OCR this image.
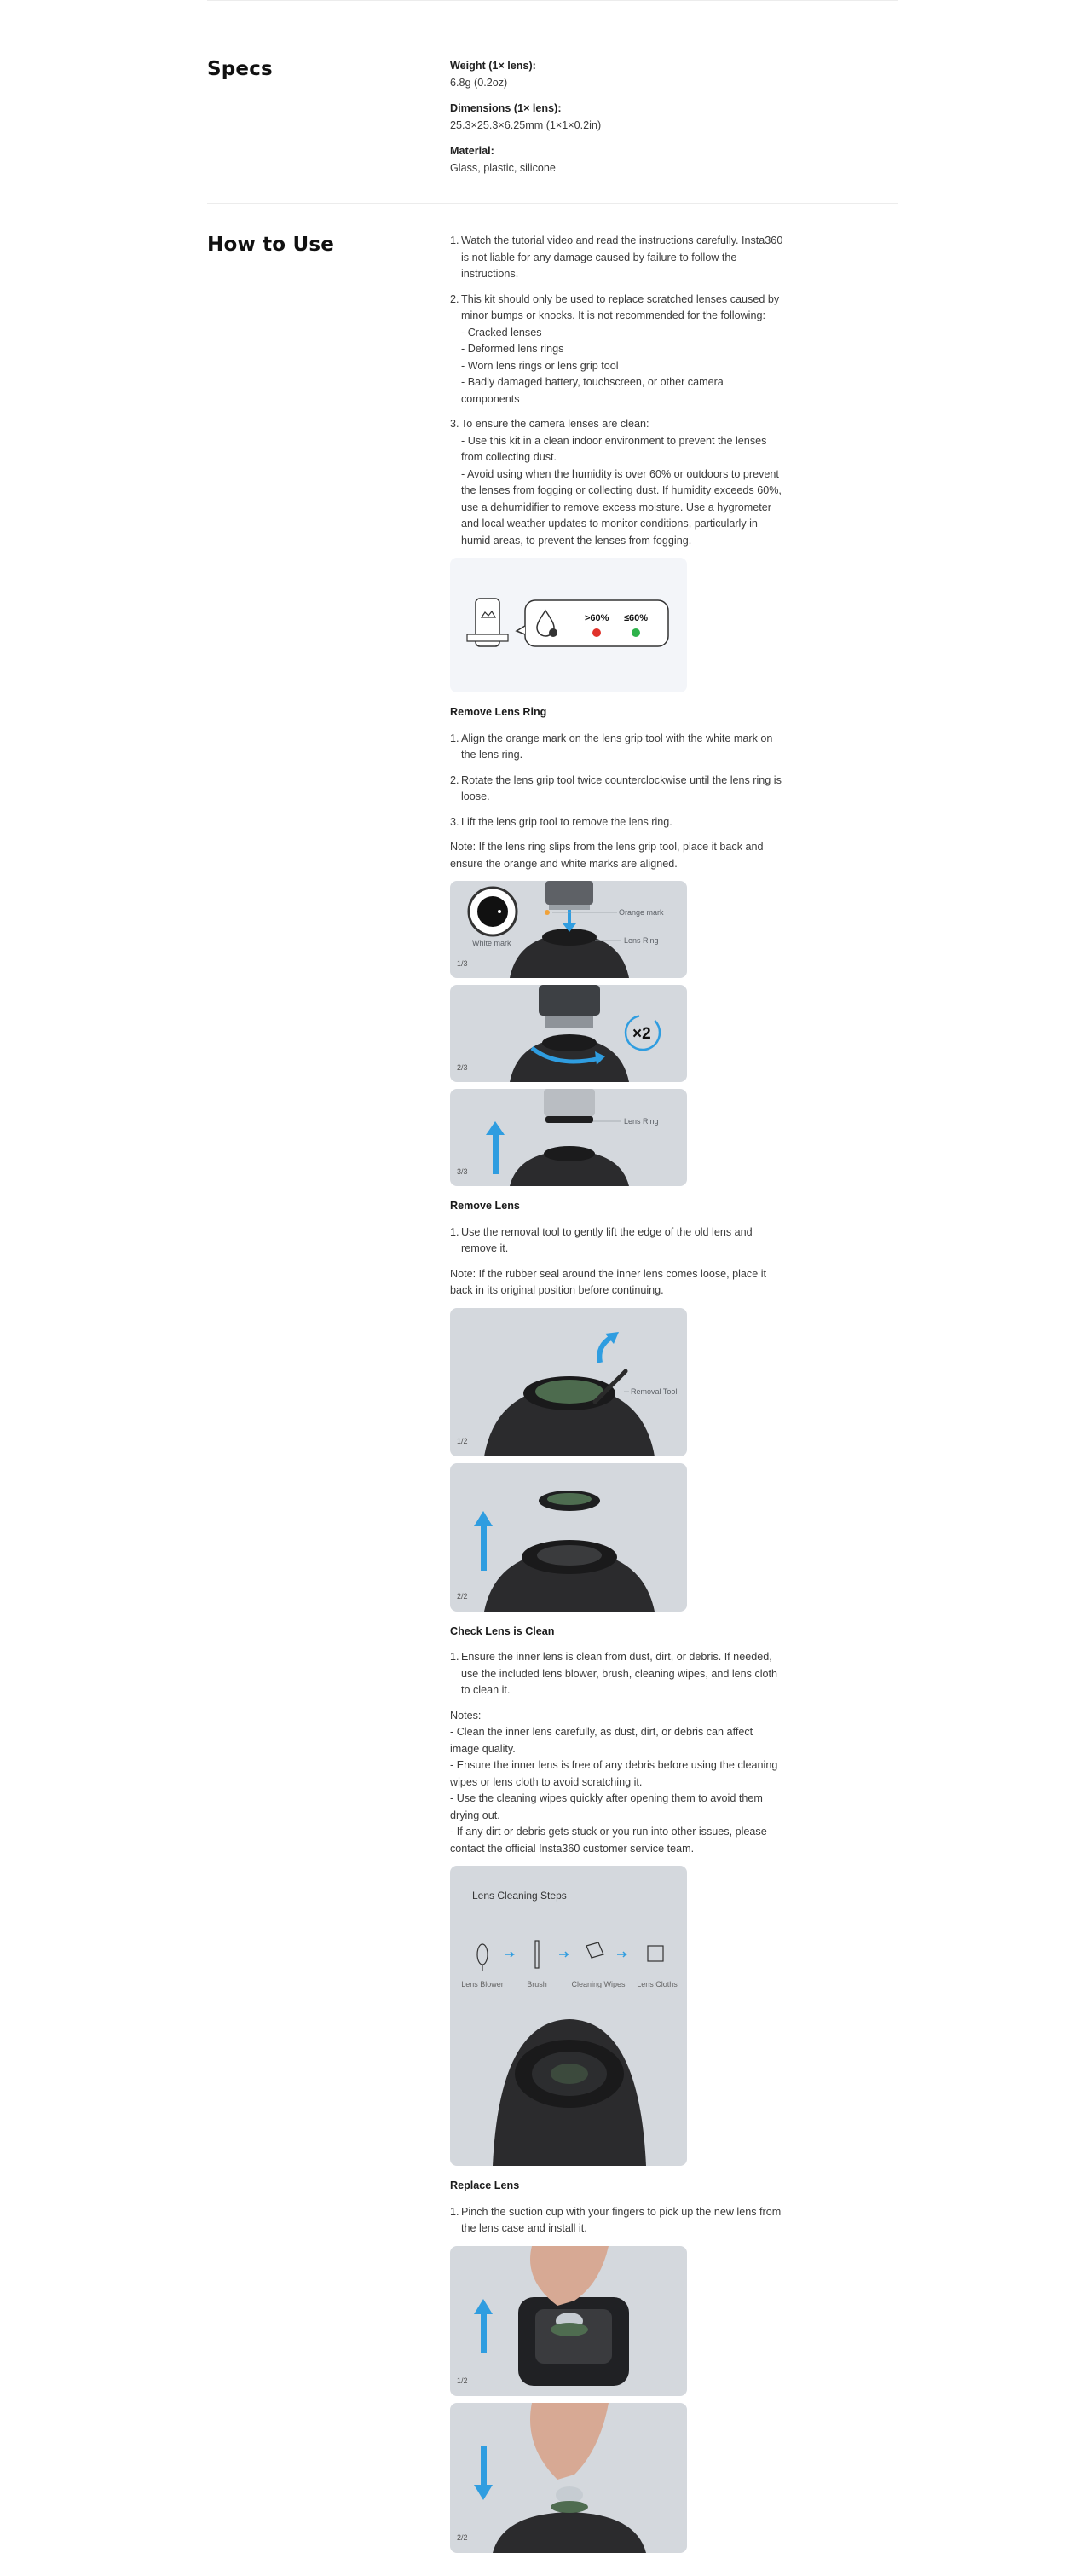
Specs	Weight (1× lens):
6.8g (0.2oz)
Dimensions (1× lens):
25.3×25.3×6.25mm (1×1×0.2in)
Material:
Glass, plastic, silicone
How to Use	1. Watch the tutorial video and read the instructions carefully. Insta360 is not liable for any damage caused by failure to follow the instructions.
2. This kit should only be used to replace scratched lenses caused by minor bumps or knocks. It is not recommended for the following:
- Cracked lenses
- Deformed lens rings
- Worn lens rings or lens grip tool
- Badly damaged battery, touchscreen, or other camera components
3. To ensure the camera lenses are clean:
- Use this kit in a clean indoor environment to prevent the lenses from collecting dust.
- Avoid using when the humidity is over 60% or outdoors to prevent the lenses from fogging or collecting dust. If humidity exceeds 60%, use a dehumidifier to remove excess moisture. Use a hygrometer and local weather updates to monitor conditions, particularly in humid areas, to prevent the lenses from fogging.
>60% ≤60%
Remove Lens Ring
1. Align the orange mark on the lens grip tool with the white mark on the lens ring.
2. Rotate the lens grip tool twice counterclockwise until the lens ring is loose.
3. Lift the lens grip tool to remove the lens ring.
Note: If the lens ring slips from the lens grip tool, place it back and ensure the orange and white marks are aligned.
Orange mark
Lens Ring
White mark
1/3
×2
2/3
Lens Ring
3/3
Remove Lens
1. Use the removal tool to gently lift the edge of the old lens and remove it.
Note: If the rubber seal around the inner lens comes loose, place it back in its original position before continuing.
Removal Tool
1/2
2/2
Check Lens is Clean
1. Ensure the inner lens is clean from dust, dirt, or debris. If needed, use the included lens blower, brush, cleaning wipes, and lens cloth to clean it.
Notes:
- Clean the inner lens carefully, as dust, dirt, or debris can affect image quality.
- Ensure the inner lens is free of any debris before using the cleaning wipes or lens cloth to avoid scratching it.
- Use the cleaning wipes quickly after opening them to avoid them drying out.
- If any dirt or debris gets stuck or you run into other issues, please contact the official Insta360 customer service team.
Lens Cleaning Steps
Lens Blower	Brush	Cleaning Wipes	Lens Cloths
Replace Lens
1. Pinch the suction cup with your fingers to pick up the new lens from the lens case and install it.
1/2
2/2
